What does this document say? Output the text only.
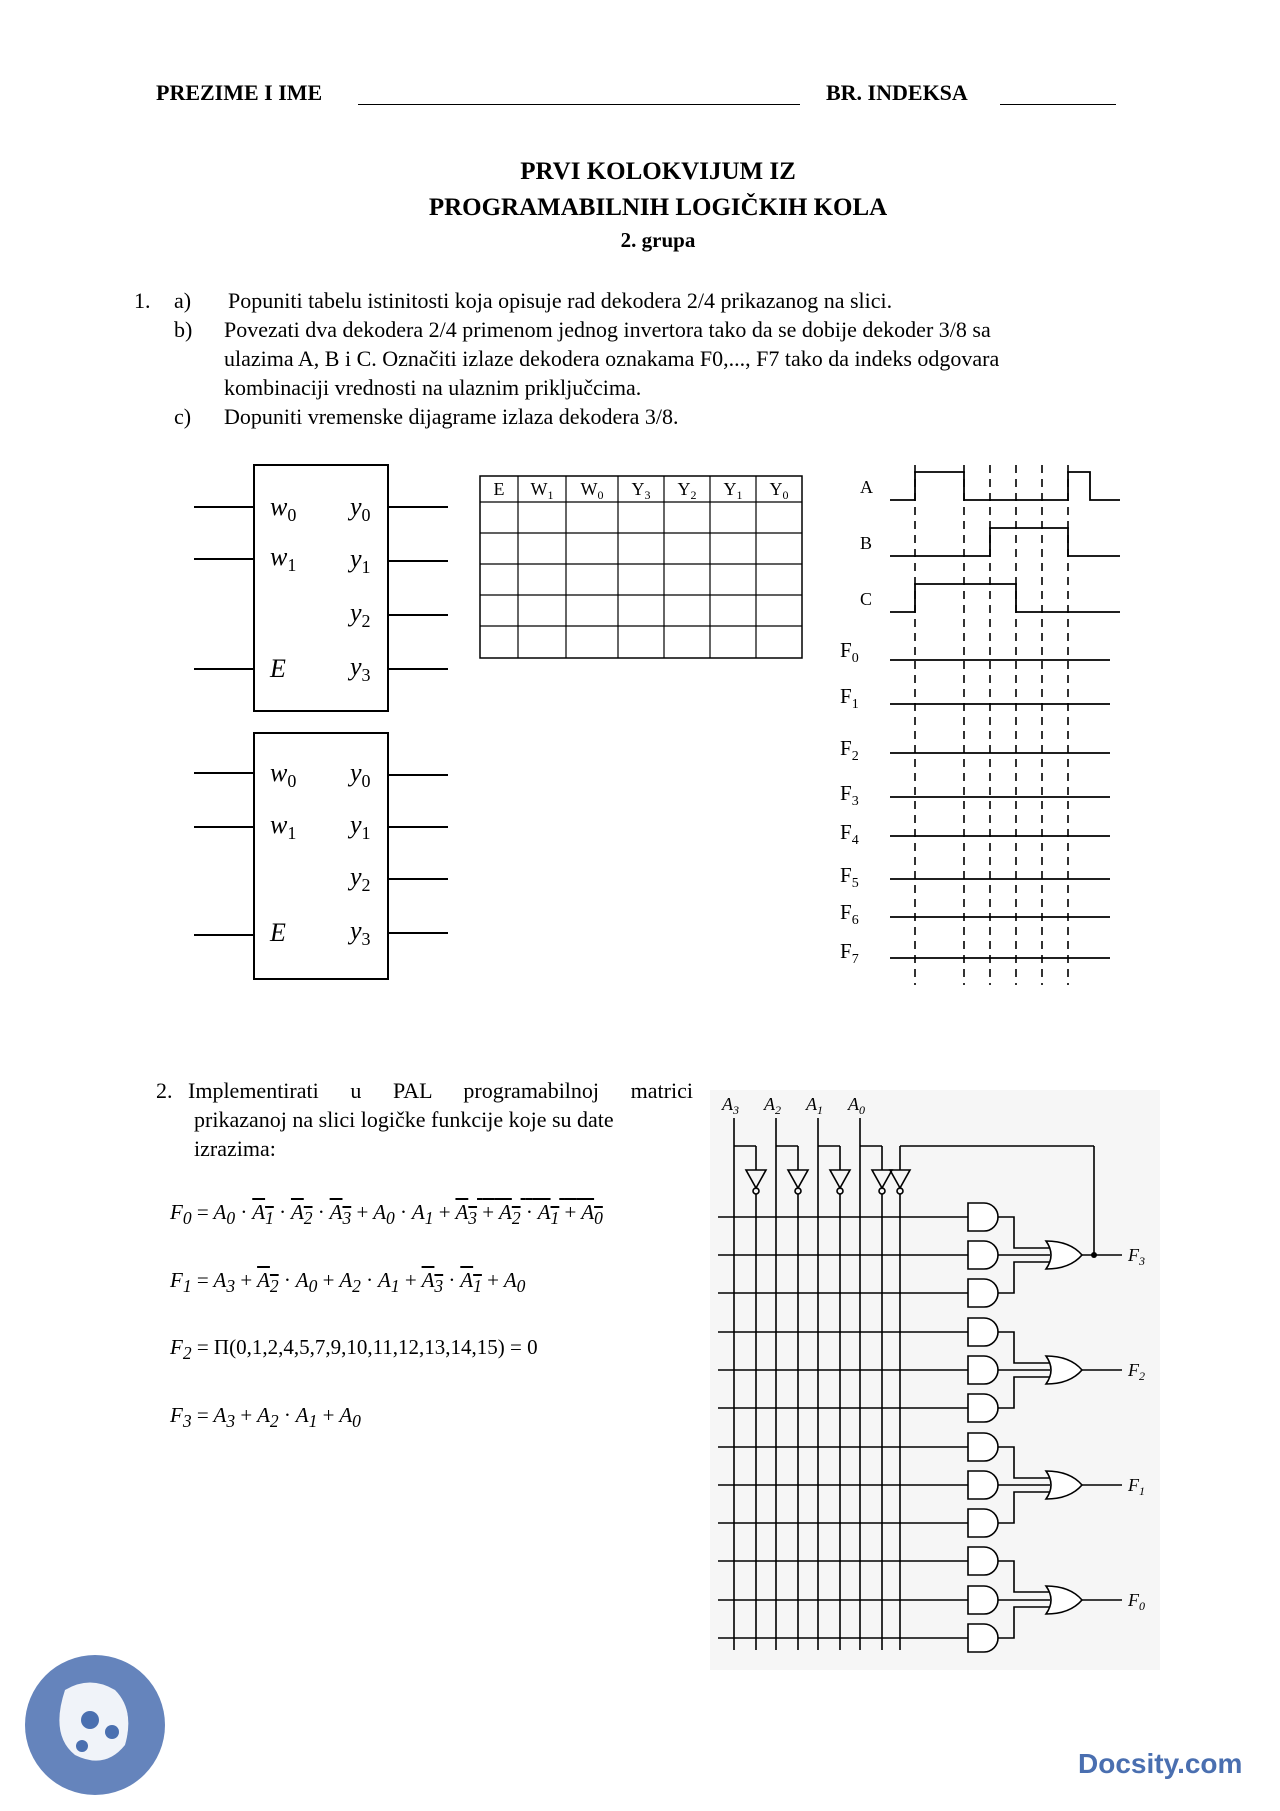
PREZIME I IME	BR. INDEKSA
PRVI KOLOKVIJUM IZ
PROGRAMABILNIH LOGIČKIH KOLA
2. grupa
1. a) Popuniti tabelu istinitosti koja opisuje rad dekodera 2/4 prikazanog na slici.
b) Povezati dva dekodera 2/4 primenom jednog invertora tako da se dobije dekoder 3/8 sa
ulazima A, B i C. Označiti izlaze dekodera oznakama F0,..., F7 tako da indeks odgovara
kombinaciji vrednosti na ulaznim priključcima.
c) Dopuniti vremenske dijagrame izlaza dekodera 3/8.
$w_0$
$w_1$
E
$y_0$
$y_1$
$y_2$
$y_3$
$w_0$
$w_1$
E
$y_0$
$y_1$
$y_2$
$y_3$
E $W_1$ $W_0$ $Y_3$ $Y_2$ $Y_1$ $Y_0$	A
B
C
$F_0$
$F_1$
$F_2$
$F_3$
$F_4$
$F_5$
$F_6$
$F_7$
2. Implementirati u PAL programabilnoj matrici
prikazanoj na slici logičke funkcije koje su date
izrazima:
$F_0 = A_0 \cdot A_1 \cdot A_2 \cdot A_3 + A_0 \cdot A_1 + A_3 + A_2 \cdot A_1 + A_0$
$F_1 = A_3 + A_2 \cdot A_0 + A_2 \cdot A_1 + A_3 \cdot A_1 + A_0$
$F_2 = \Pi(0,1,2,4,5,7,9,10,11,12,13,14,15) = 0$
$F_3 = A_3 + A_2 \cdot A_1 + A_0$
$A_3$ $A_2$ $A_1$ $A_0$
$F_3$
$F_2$
$F_1$
$F_0$
Docsity.com
